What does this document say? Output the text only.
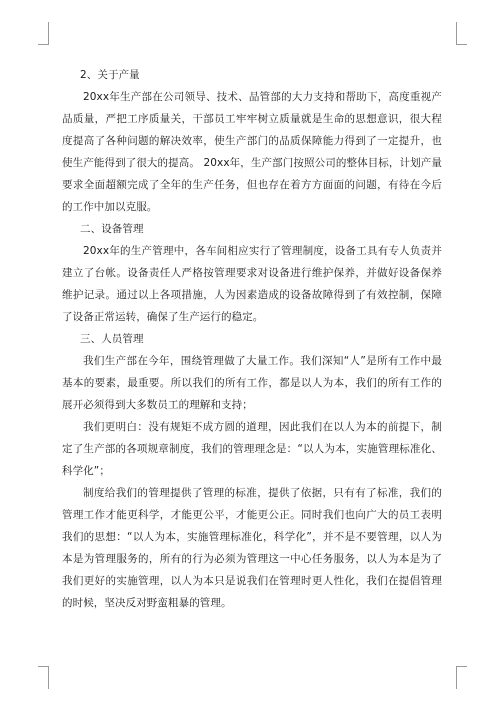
2、关于产量

20xx年生产部在公司领导、技术、品管部的大力支持和帮助下，高度重视产品质量，严把工序质量关，干部员工牢牢树立质量就是生命的思想意识，很大程度提高了各种问题的解决效率，使生产部门的品质保障能力得到了一定提升，也使生产能得到了很大的提高。 20xx年，生产部门按照公司的整体目标，计划产量要求全面超额完成了全年的生产任务，但也存在着方方面面的问题，有待在今后的工作中加以克服。

二、设备管理

20xx年的生产管理中，各车间相应实行了管理制度，设备工具有专人负责并建立了台帐。设备责任人严格按管理要求对设备进行维护保养，并做好设备保养维护记录。通过以上各项措施，人为因素造成的设备故障得到了有效控制，保障了设备正常运转，确保了生产运行的稳定。

三、人员管理

我们生产部在今年，围绕管理做了大量工作。我们深知“人”是所有工作中最基本的要素，最重要。所以我们的所有工作，都是以人为本，我们的所有工作的展开必须得到大多数员工的理解和支持；

我们更明白：没有规矩不成方圆的道理，因此我们在以人为本的前提下，制定了生产部的各项规章制度，我们的管理理念是：“以人为本，实施管理标准化、科学化”；

制度给我们的管理提供了管理的标准，提供了依据，只有有了标准，我们的管理工作才能更科学，才能更公平，才能更公正。同时我们也向广大的员工表明我们的思想：“以人为本，实施管理标准化，科学化”，并不是不要管理，以人为本是为管理服务的，所有的行为必须为管理这一中心任务服务，以人为本是为了我们更好的实施管理，以人为本只是说我们在管理时更人性化，我们在提倡管理的时候，坚决反对野蛮粗暴的管理。
